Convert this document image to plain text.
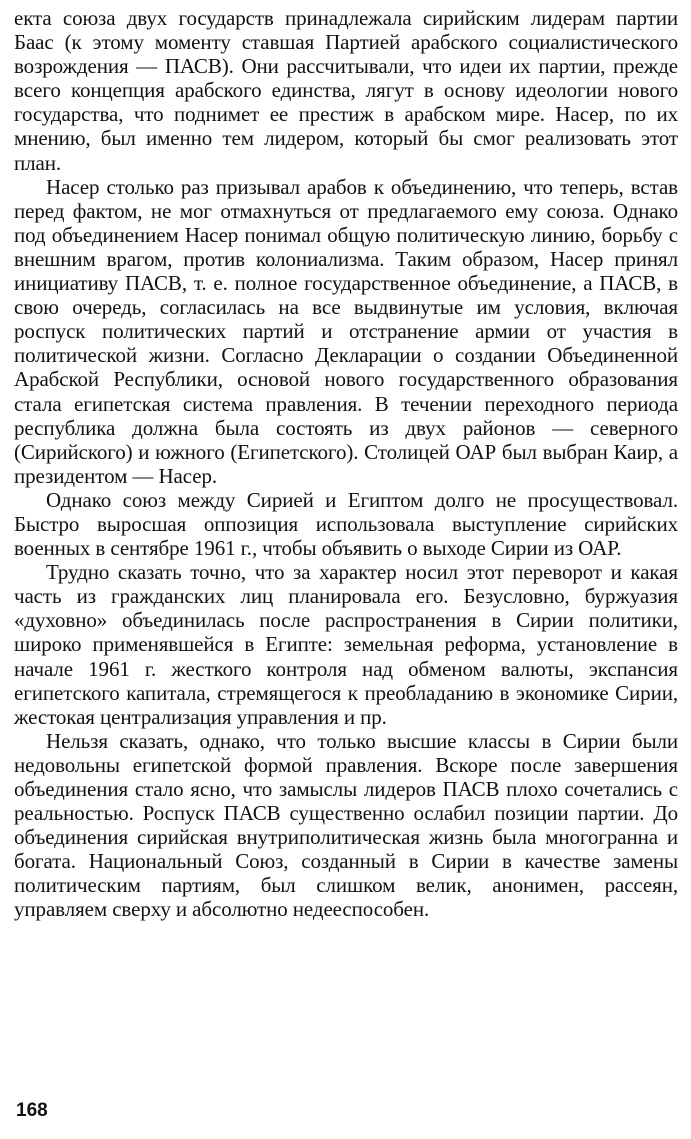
екта союза двух государств принадлежала сирийским лидерам партии Баас (к этому моменту ставшая Партией арабского социалистического возрождения — ПАСВ). Они рассчитывали, что идеи их партии, прежде всего концепция арабского единства, лягут в основу идеологии нового государства, что поднимет ее престиж в арабском мире. Насер, по их мнению, был именно тем лидером, который бы смог реализовать этот план.

Насер столько раз призывал арабов к объединению, что теперь, встав перед фактом, не мог отмахнуться от предлагаемого ему союза. Однако под объединением Насер понимал общую политическую линию, борьбу с внешним врагом, против колониализма. Таким образом, Насер принял инициативу ПАСВ, т. е. полное государственное объединение, а ПАСВ, в свою очередь, согласилась на все выдвинутые им условия, включая роспуск политических партий и отстранение армии от участия в политической жизни. Согласно Декларации о создании Объединенной Арабской Республики, основой нового государственного образования стала египетская система правления. В течении переходного периода республика должна была состоять из двух районов — северного (Сирийского) и южного (Египетского). Столицей ОАР был выбран Каир, а президентом — Насер.

Однако союз между Сирией и Египтом долго не просуществовал. Быстро выросшая оппозиция использовала выступление сирийских военных в сентябре 1961 г., чтобы объявить о выходе Сирии из ОАР.

Трудно сказать точно, что за характер носил этот переворот и какая часть из гражданских лиц планировала его. Безусловно, буржуазия «духовно» объединилась после распространения в Сирии политики, широко применявшейся в Египте: земельная реформа, установление в начале 1961 г. жесткого контроля над обменом валюты, экспансия египетского капитала, стремящегося к преобладанию в экономике Сирии, жестокая централизация управления и пр.

Нельзя сказать, однако, что только высшие классы в Сирии были недовольны египетской формой правления. Вскоре после завершения объединения стало ясно, что замыслы лидеров ПАСВ плохо сочетались с реальностью. Роспуск ПАСВ существенно ослабил позиции партии. До объединения сирийская внутриполитическая жизнь была многогранна и богата. Национальный Союз, созданный в Сирии в качестве замены политическим партиям, был слишком велик, анонимен, рассеян, управляем сверху и абсолютно недееспособен.

168
